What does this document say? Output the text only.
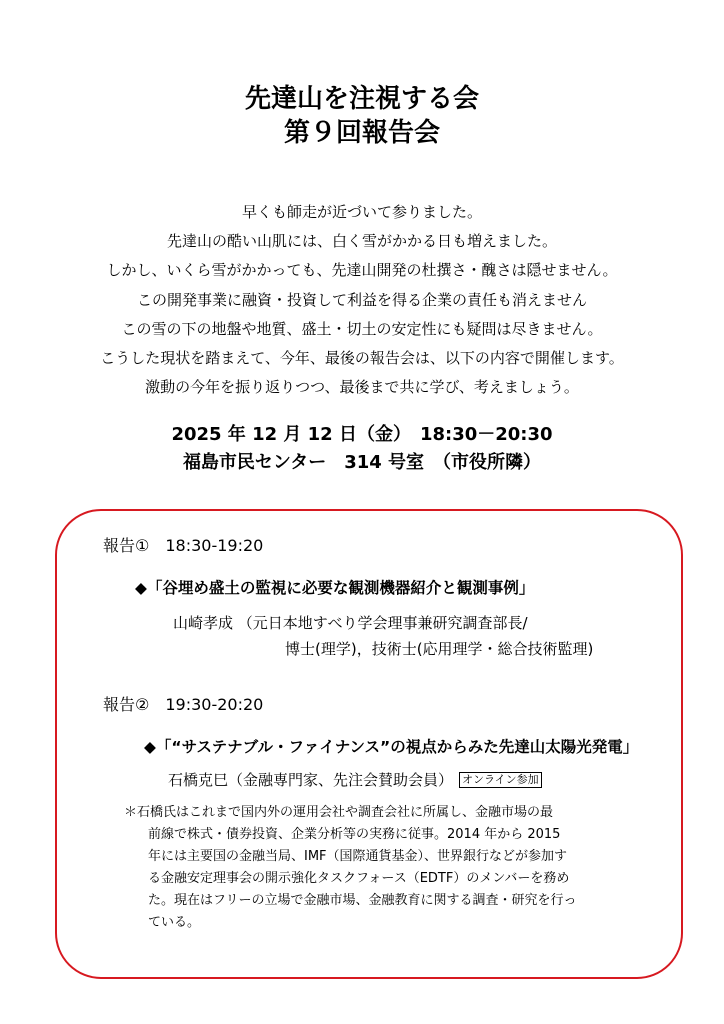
先達山を注視する会
第９回報告会
早くも師走が近づいて参りました。
先達山の酷い山肌には、白く雪がかかる日も増えました。
しかし、いくら雪がかかっても、先達山開発の杜撰さ・醜さは隠せません。
この開発事業に融資・投資して利益を得る企業の責任も消えません
この雪の下の地盤や地質、盛土・切土の安定性にも疑問は尽きません。
こうした現状を踏まえて、今年、最後の報告会は、以下の内容で開催します。
激動の今年を振り返りつつ、最後まで共に学び、考えましょう。
2025 年 12 月 12 日（金）　18:30－20:30
福島市民センター　314 号室　（市役所隣）
報告①　18:30-19:20
◆「谷埋め盛土の監視に必要な観測機器紹介と観測事例」
山崎孝成 （元日本地すべり学会理事兼研究調査部長/
博士(理学)，技術士(応用理学・総合技術監理)
報告②　19:30-20:20
◆「“サステナブル・ファイナンス”の視点からみた先達山太陽光発電」
石橋克巳（金融専門家、先注会賛助会員） オンライン参加
＊石橋氏はこれまで国内外の運用会社や調査会社に所属し、金融市場の最
前線で株式・債券投資、企業分析等の実務に従事。2014 年から 2015
年には主要国の金融当局、IMF（国際通貨基金）、世界銀行などが参加す
る金融安定理事会の開示強化タスクフォース（EDTF）のメンバーを務め
た。現在はフリーの立場で金融市場、金融教育に関する調査・研究を行っ
ている。
